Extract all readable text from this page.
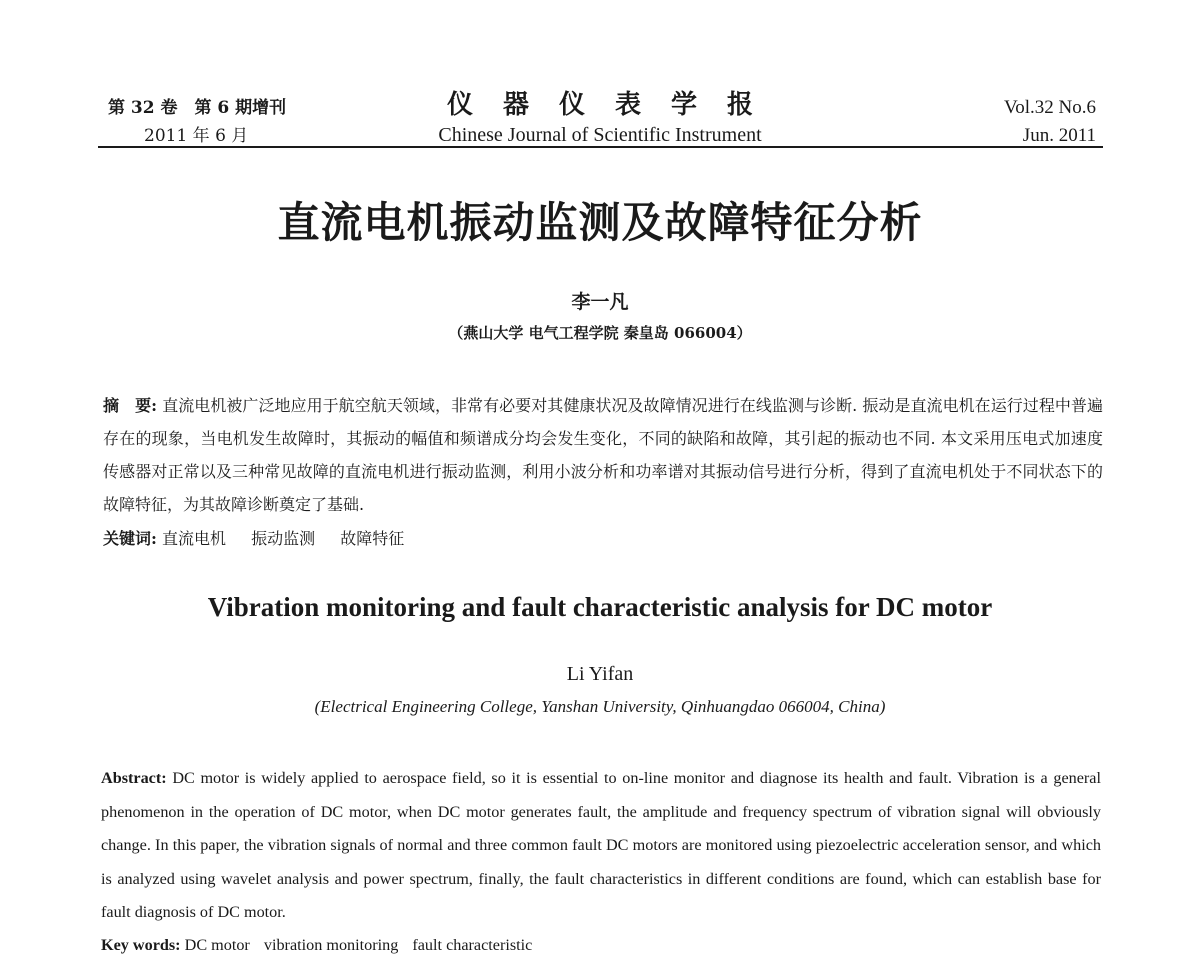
第 32 卷　第 6 期增刊
2011 年 6 月
仪器仪表学报
Chinese Journal of Scientific Instrument
Vol.32 No.6
Jun. 2011
直流电机振动监测及故障特征分析
李一凡
（燕山大学 电气工程学院 秦皇岛 066004）
摘　要: 直流电机被广泛地应用于航空航天领域，非常有必要对其健康状况及故障情况进行在线监测与诊断. 振动是直流电机在运行过程中普遍存在的现象，当电机发生故障时，其振动的幅值和频谱成分均会发生变化，不同的缺陷和故障，其引起的振动也不同. 本文采用压电式加速度传感器对正常以及三种常见故障的直流电机进行振动监测，利用小波分析和功率谱对其振动信号进行分析，得到了直流电机处于不同状态下的故障特征，为其故障诊断奠定了基础.
关键词: 直流电机 振动监测 故障特征
Vibration monitoring and fault characteristic analysis for DC motor
Li Yifan
(Electrical Engineering College, Yanshan University, Qinhuangdao 066004, China)
Abstract: DC motor is widely applied to aerospace field, so it is essential to on-line monitor and diagnose its health and fault. Vibration is a general phenomenon in the operation of DC motor, when DC motor generates fault, the amplitude and frequency spectrum of vibration signal will obviously change. In this paper, the vibration signals of normal and three common fault DC motors are monitored using piezoelectric acceleration sensor, and which is analyzed using wavelet analysis and power spectrum, finally, the fault characteristics in different conditions are found, which can establish base for fault diagnosis of DC motor.
Key words: DC motor vibration monitoring fault characteristic
